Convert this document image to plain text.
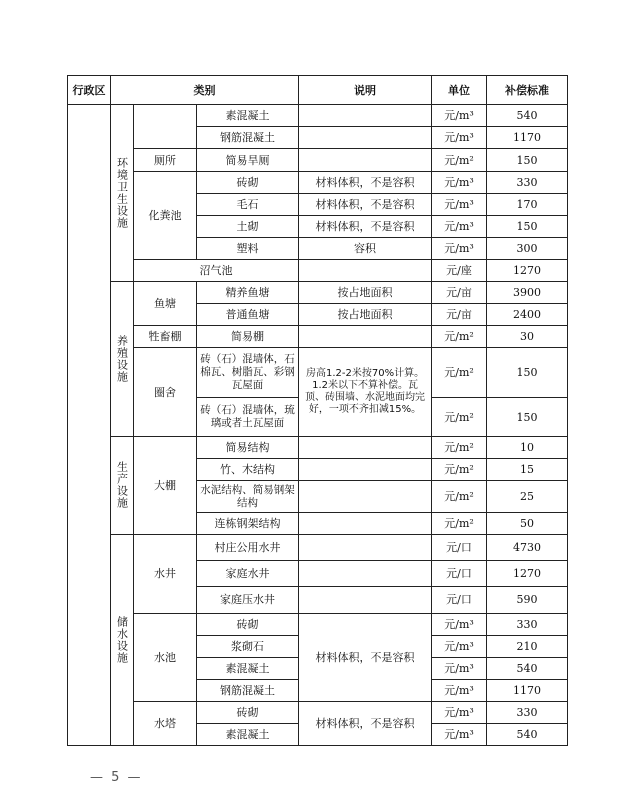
行政区	类别			说明	单位	补偿标准
	环境卫生设施		素混凝土		元/m³	540
			钢筋混凝土		元/m³	1170
		厕所	简易旱厕		元/m²	150
		化粪池	砖砌	材料体积，不是容积	元/m³	330
			毛石	材料体积，不是容积	元/m³	170
			土砌	材料体积，不是容积	元/m³	150
			塑料	容积	元/m³	300
		沼气池			元/座	1270
	养殖设施	鱼塘	精养鱼塘	按占地面积	元/亩	3900
			普通鱼塘	按占地面积	元/亩	2400
		牲畜棚	简易棚		元/m²	30
		圈舍	砖（石）混墙体，石棉瓦、树脂瓦、彩钢瓦屋面	房高1.2-2米按70%计算。1.2米以下不算补偿。瓦顶、砖围墙、水泥地面均完好，一项不齐扣减15%。	元/m²	150
			砖（石）混墙体，琉璃或者土瓦屋面		元/m²	150
	生产设施	大棚	简易结构		元/m²	10
			竹、木结构		元/m²	15
			水泥结构、简易钢架结构		元/m²	25
			连栋钢架结构		元/m²	50
	储水设施	水井	村庄公用水井		元/口	4730
			家庭水井		元/口	1270
			家庭压水井		元/口	590
		水池	砖砌	材料体积，不是容积	元/m³	330
			浆砌石		元/m³	210
			素混凝土		元/m³	540
			钢筋混凝土		元/m³	1170
		水塔	砖砌	材料体积，不是容积	元/m³	330
			素混凝土		元/m³	540
— 5 —
